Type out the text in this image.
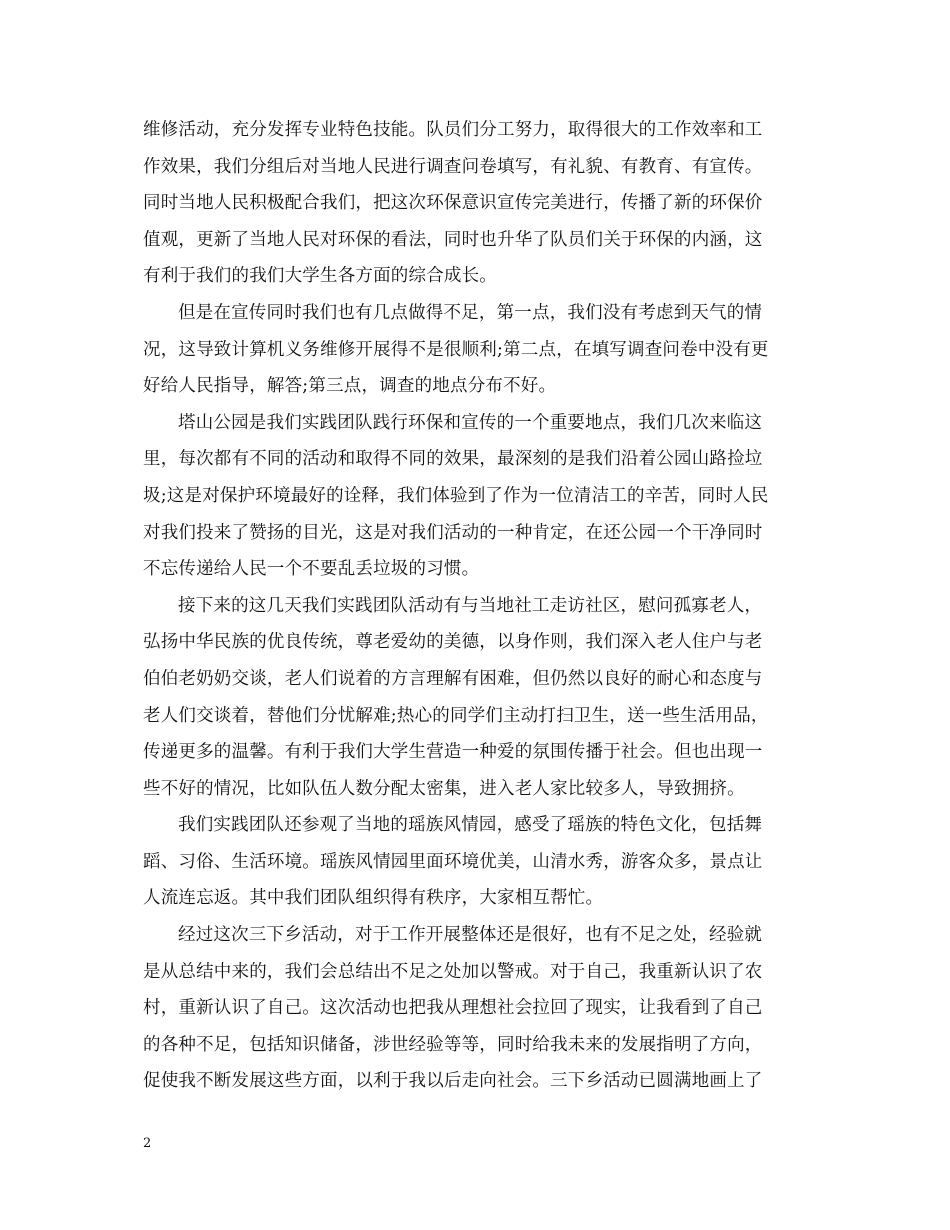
维修活动，充分发挥专业特色技能。队员们分工努力，取得很大的工作效率和工
作效果，我们分组后对当地人民进行调查问卷填写，有礼貌、有教育、有宣传。
同时当地人民积极配合我们，把这次环保意识宣传完美进行，传播了新的环保价
值观，更新了当地人民对环保的看法，同时也升华了队员们关于环保的内涵，这
有利于我们的我们大学生各方面的综合成长。
但是在宣传同时我们也有几点做得不足，第一点，我们没有考虑到天气的情
况，这导致计算机义务维修开展得不是很顺利;第二点，在填写调查问卷中没有更
好给人民指导，解答;第三点，调查的地点分布不好。
塔山公园是我们实践团队践行环保和宣传的一个重要地点，我们几次来临这
里，每次都有不同的活动和取得不同的效果，最深刻的是我们沿着公园山路捡垃
圾;这是对保护环境最好的诠释，我们体验到了作为一位清洁工的辛苦，同时人民
对我们投来了赞扬的目光，这是对我们活动的一种肯定，在还公园一个干净同时
不忘传递给人民一个不要乱丢垃圾的习惯。
接下来的这几天我们实践团队活动有与当地社工走访社区，慰问孤寡老人，
弘扬中华民族的优良传统，尊老爱幼的美德，以身作则，我们深入老人住户与老
伯伯老奶奶交谈，老人们说着的方言理解有困难，但仍然以良好的耐心和态度与
老人们交谈着，替他们分忧解难;热心的同学们主动打扫卫生，送一些生活用品，
传递更多的温馨。有利于我们大学生营造一种爱的氛围传播于社会。但也出现一
些不好的情况，比如队伍人数分配太密集，进入老人家比较多人，导致拥挤。
我们实践团队还参观了当地的瑶族风情园，感受了瑶族的特色文化，包括舞
蹈、习俗、生活环境。瑶族风情园里面环境优美，山清水秀，游客众多，景点让
人流连忘返。其中我们团队组织得有秩序，大家相互帮忙。
经过这次三下乡活动，对于工作开展整体还是很好，也有不足之处，经验就
是从总结中来的，我们会总结出不足之处加以警戒。对于自己，我重新认识了农
村，重新认识了自己。这次活动也把我从理想社会拉回了现实，让我看到了自己
的各种不足，包括知识储备，涉世经验等等，同时给我未来的发展指明了方向，
促使我不断发展这些方面，以利于我以后走向社会。三下乡活动已圆满地画上了
2
